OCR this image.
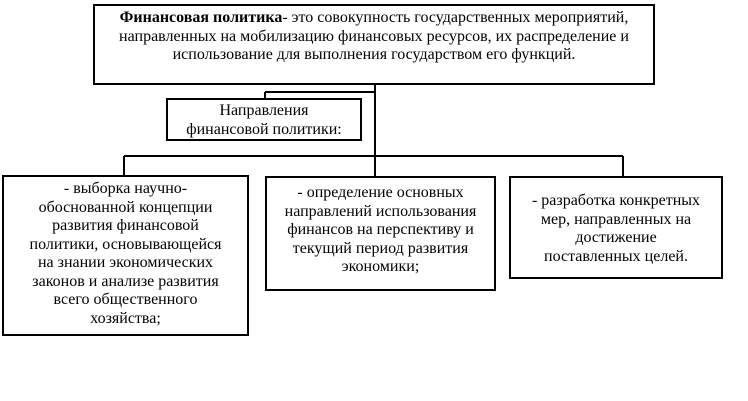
Финансовая политика- это совокупность государственных мероприятий, направленных на мобилизацию финансовых ресурсов, их распределение и использование для выполнения государством его функций.
Направления
финансовой политики:
- выборка научно-
обоснованной концепции
развития финансовой
политики, основывающейся
на знании экономических
законов и анализе развития
всего общественного
хозяйства;
- определение основных
направлений использования
финансов на перспективу и
текущий период развития
экономики;
- разработка конкретных
мер, направленных на
достижение
поставленных целей.
